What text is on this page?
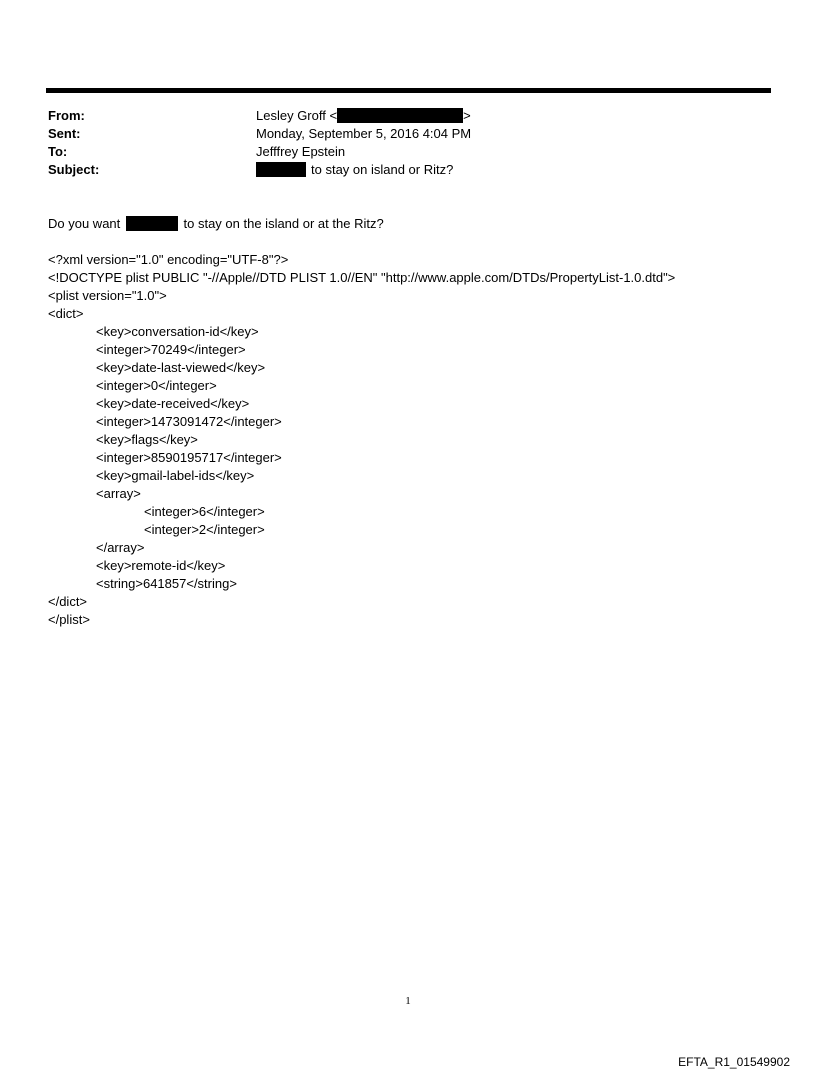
From:	Lesley Groff <	>
Sent:	Monday, September 5, 2016 4:04 PM
To:	Jefffrey Epstein
Subject:	to stay on island or Ritz?
Do you want	to stay on the island or at the Ritz?
<?xml version="1.0" encoding="UTF-8"?>
<!DOCTYPE plist PUBLIC "-//Apple//DTD PLIST 1.0//EN" "http://www.apple.com/DTDs/PropertyList-1.0.dtd">
<plist version="1.0">
<dict>
<key>conversation-id</key>
<integer>70249</integer>
<key>date-last-viewed</key>
<integer>0</integer>
<key>date-received</key>
<integer>1473091472</integer>
<key>flags</key>
<integer>8590195717</integer>
<key>gmail-label-ids</key>
<array>
<integer>6</integer>
<integer>2</integer>
</array>
<key>remote-id</key>
<string>641857</string>
</dict>
</plist>
1
EFTA_R1_01549902
